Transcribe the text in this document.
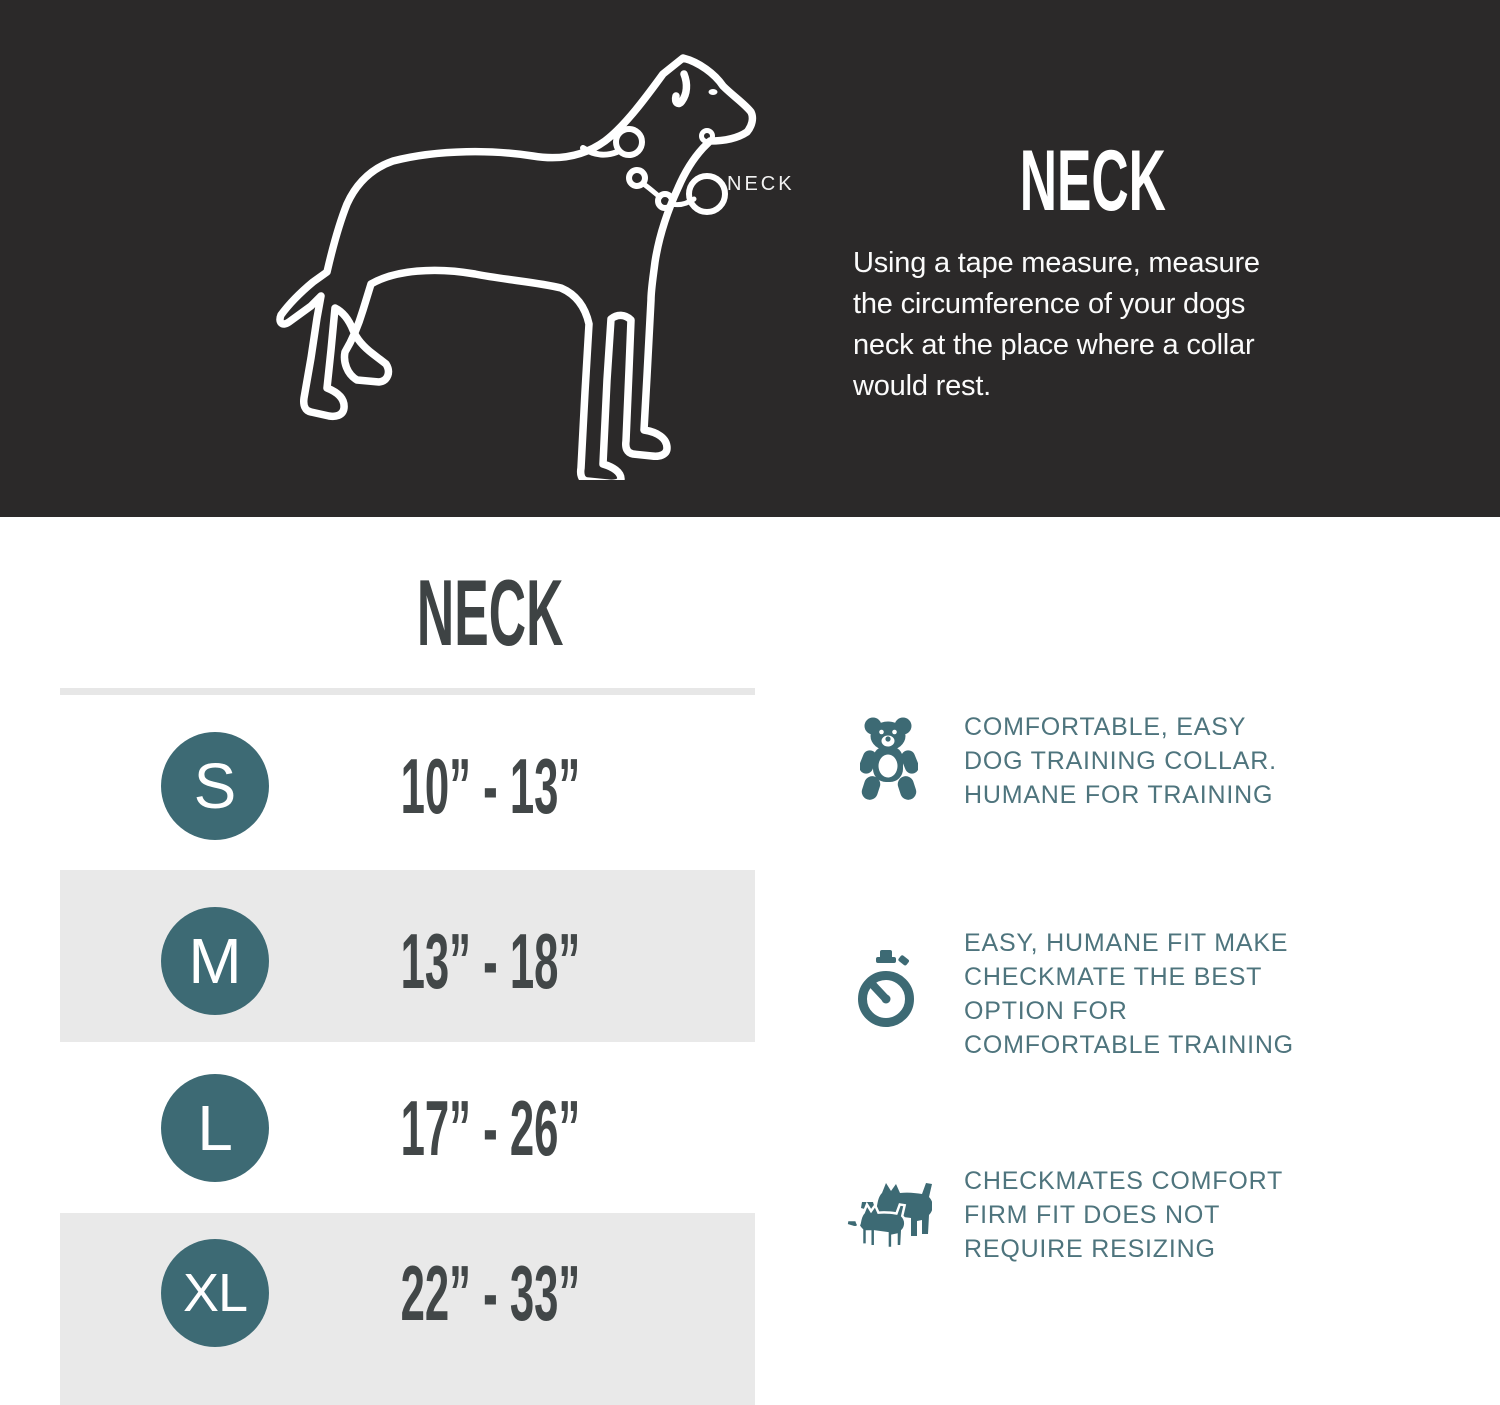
NECK	NECK
Using a tape measure, measure
the circumference of your dogs
neck at the place where a collar
would rest.
NECK
S	10” - 13”
M	13” - 18”
L	17” - 26”
XL	22” - 33”
COMFORTABLE, EASY
DOG TRAINING COLLAR.
HUMANE FOR TRAINING
EASY, HUMANE FIT MAKE
CHECKMATE THE BEST
OPTION FOR
COMFORTABLE TRAINING
CHECKMATES COMFORT
FIRM FIT DOES NOT
REQUIRE RESIZING
